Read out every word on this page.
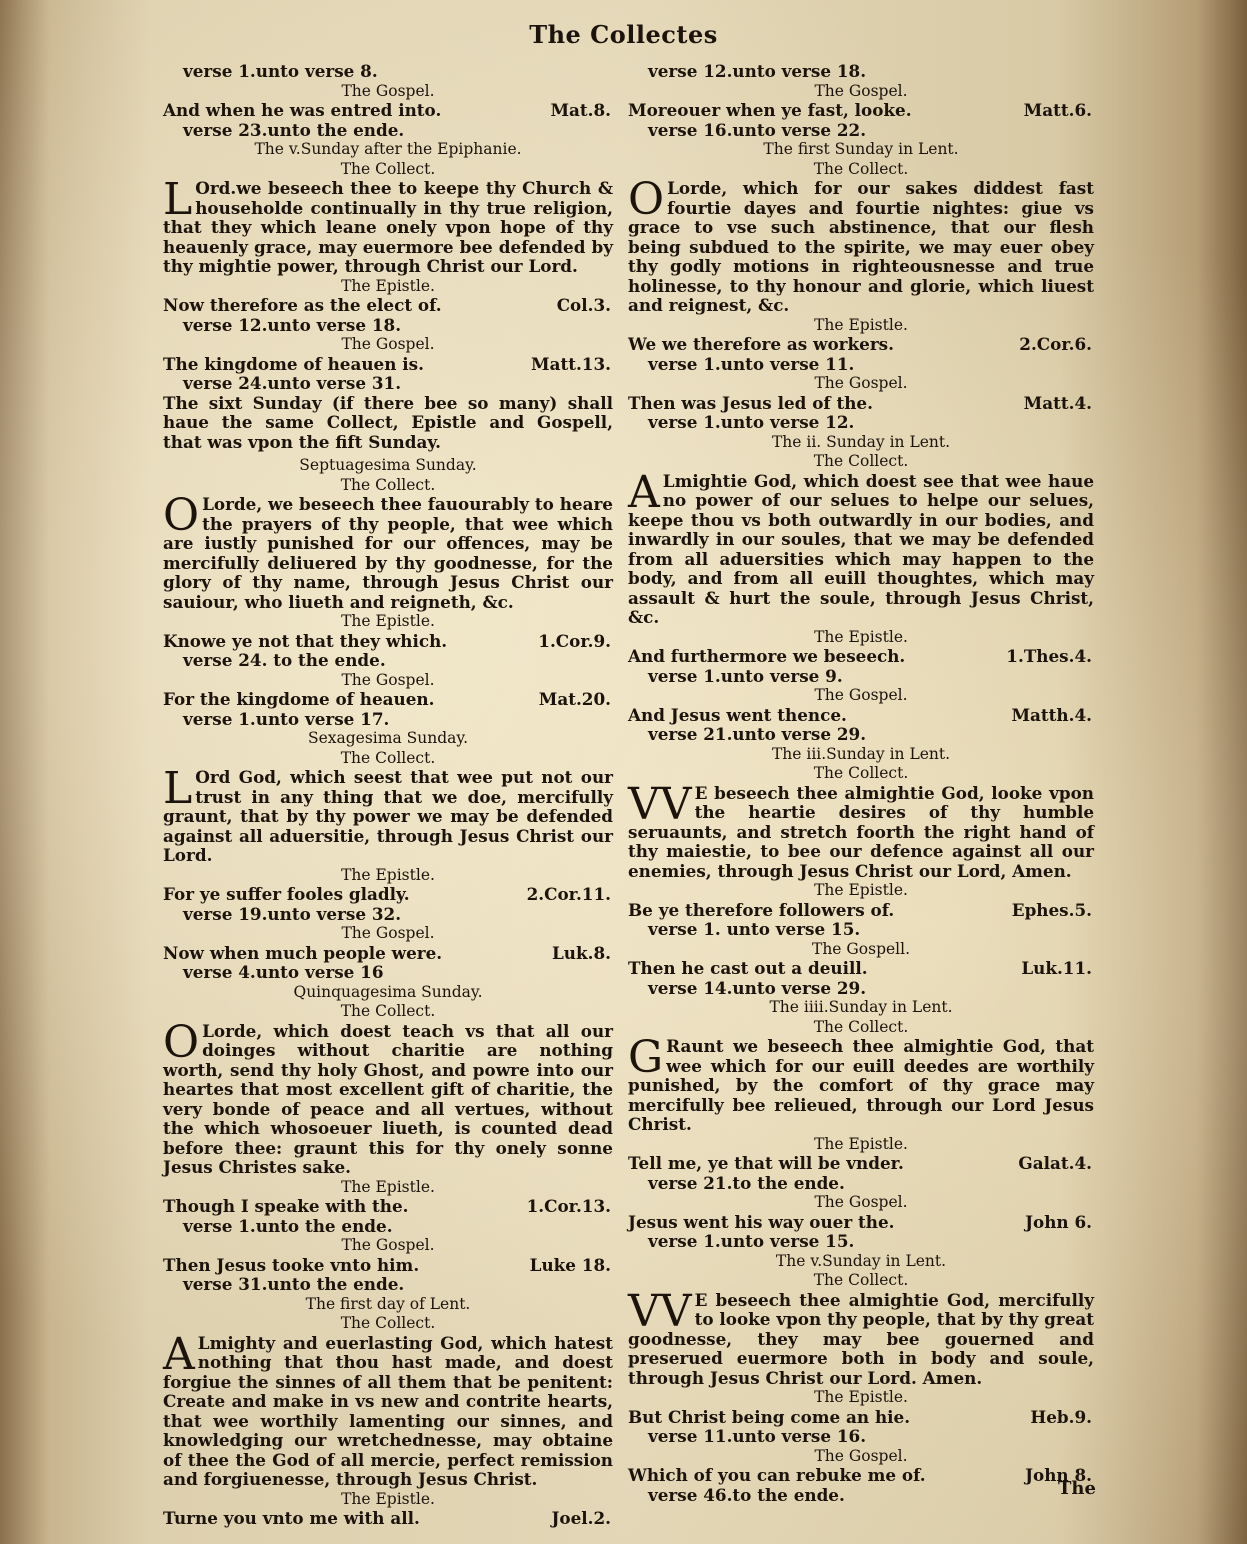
The Collectes
verse 1.unto verse 8.
The Gospel.
And when he was entred into.	Mat.8.
verse 23.unto the ende.
The v.Sunday after the Epiphanie.
The Collect.
L Ord.we beseech thee to keepe thy Church & householde continually in thy true religion, that they which leane onely vpon hope of thy heauenly grace, may euermore bee defended by thy mightie power, through Christ our Lord.
The Epistle.
Now therefore as the elect of.	Col.3.
verse 12.unto verse 18.
The Gospel.
The kingdome of heauen is.	Matt.13.
verse 24.unto verse 31.
The sixt Sunday (if there bee so many) shall haue the same Collect, Epistle and Gospell, that was vpon the fift Sunday.
Septuagesima Sunday.
The Collect.
O Lorde, we beseech thee fauourably to heare the prayers of thy people, that wee which are iustly punished for our offences, may be mercifully deliuered by thy goodnesse, for the glory of thy name, through Jesus Christ our sauiour, who liueth and reigneth, &c.
The Epistle.
Knowe ye not that they which.	1.Cor.9.
verse 24. to the ende.
The Gospel.
For the kingdome of heauen.	Mat.20.
verse 1.unto verse 17.
Sexagesima Sunday.
The Collect.
L Ord God, which seest that wee put not our trust in any thing that we doe, mercifully graunt, that by thy power we may be defended against all aduersitie, through Jesus Christ our Lord.
The Epistle.
For ye suffer fooles gladly.	2.Cor.11.
verse 19.unto verse 32.
The Gospel.
Now when much people were.	Luk.8.
verse 4.unto verse 16
Quinquagesima Sunday.
The Collect.
O Lorde, which doest teach vs that all our doinges without charitie are nothing worth, send thy holy Ghost, and powre into our heartes that most excellent gift of charitie, the very bonde of peace and all vertues, without the which whosoeuer liueth, is counted dead before thee: graunt this for thy onely sonne Jesus Christes sake.
The Epistle.
Though I speake with the.	1.Cor.13.
verse 1.unto the ende.
The Gospel.
Then Jesus tooke vnto him.	Luke 18.
verse 31.unto the ende.
The first day of Lent.
The Collect.
A Lmighty and euerlasting God, which hatest nothing that thou hast made, and doest forgiue the sinnes of all them that be penitent: Create and make in vs new and contrite hearts, that wee worthily lamenting our sinnes, and knowledging our wretchednesse, may obtaine of thee the God of all mercie, perfect remission and forgiuenesse, through Jesus Christ.
The Epistle.
Turne you vnto me with all.	Joel.2.
verse 12.unto verse 18.
The Gospel.
Moreouer when ye fast, looke.	Matt.6.
verse 16.unto verse 22.
The first Sunday in Lent.
The Collect.
O Lorde, which for our sakes diddest fast fourtie dayes and fourtie nightes: giue vs grace to vse such abstinence, that our flesh being subdued to the spirite, we may euer obey thy godly motions in righteousnesse and true holinesse, to thy honour and glorie, which liuest and reignest, &c.
The Epistle.
We we therefore as workers.	2.Cor.6.
verse 1.unto verse 11.
The Gospel.
Then was Jesus led of the.	Matt.4.
verse 1.unto verse 12.
The ii. Sunday in Lent.
The Collect.
A Lmightie God, which doest see that wee haue no power of our selues to helpe our selues, keepe thou vs both outwardly in our bodies, and inwardly in our soules, that we may be defended from all aduersities which may happen to the body, and from all euill thoughtes, which may assault & hurt the soule, through Jesus Christ, &c.
The Epistle.
And furthermore we beseech.	1.Thes.4.
verse 1.unto verse 9.
The Gospel.
And Jesus went thence.	Matth.4.
verse 21.unto verse 29.
The iii.Sunday in Lent.
The Collect.
VV E beseech thee almightie God, looke vpon the heartie desires of thy humble seruaunts, and stretch foorth the right hand of thy maiestie, to bee our defence against all our enemies, through Jesus Christ our Lord, Amen.
The Epistle.
Be ye therefore followers of.	Ephes.5.
verse 1. unto verse 15.
The Gospell.
Then he cast out a deuill.	Luk.11.
verse 14.unto verse 29.
The iiii.Sunday in Lent.
The Collect.
G Raunt we beseech thee almightie God, that wee which for our euill deedes are worthily punished, by the comfort of thy grace may mercifully bee relieued, through our Lord Jesus Christ.
The Epistle.
Tell me, ye that will be vnder.	Galat.4.
verse 21.to the ende.
The Gospel.
Jesus went his way ouer the.	John 6.
verse 1.unto verse 15.
The v.Sunday in Lent.
The Collect.
VV E beseech thee almightie God, mercifully to looke vpon thy people, that by thy great goodnesse, they may bee gouerned and preserued euermore both in body and soule, through Jesus Christ our Lord. Amen.
The Epistle.
But Christ being come an hie.	Heb.9.
verse 11.unto verse 16.
The Gospel.
Which of you can rebuke me of.	John 8.
verse 46.to the ende.	The
